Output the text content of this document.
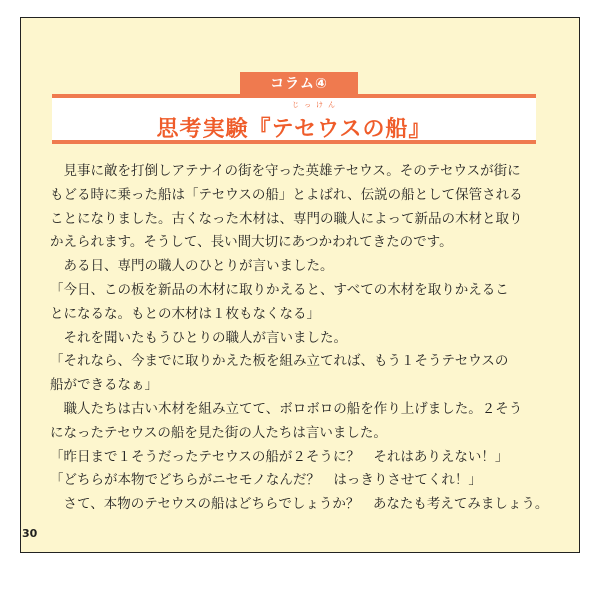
コラム④
じっけん
思考実験『テセウスの船』
　見事に敵を打倒しアテナイの街を守った英雄テセウス。そのテセウスが街に
もどる時に乗った船は「テセウスの船」とよばれ、伝説の船として保管される
ことになりました。古くなった木材は、専門の職人によって新品の木材と取り
かえられます。そうして、長い間大切にあつかわれてきたのです。
　ある日、専門の職人のひとりが言いました。
「今日、この板を新品の木材に取りかえると、すべての木材を取りかえるこ
とになるな。もとの木材は１枚もなくなる」
　それを聞いたもうひとりの職人が言いました。
「それなら、今までに取りかえた板を組み立てれば、もう１そうテセウスの
船ができるなぁ」
　職人たちは古い木材を組み立てて、ボロボロの船を作り上げました。２そう
になったテセウスの船を見た街の人たちは言いました。
「昨日まで１そうだったテセウスの船が２そうに？　それはありえない！」
「どちらが本物でどちらがニセモノなんだ？　はっきりさせてくれ！」
　さて、本物のテセウスの船はどちらでしょうか？　あなたも考えてみましょう。
30
